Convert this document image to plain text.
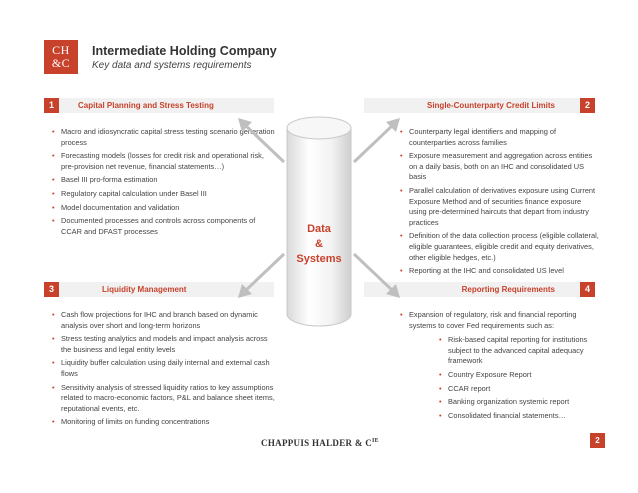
CH
&C
Intermediate Holding Company
Key data and systems requirements
1	Capital Planning and Stress Testing	Single-Counterparty Credit Limits	2
3	Liquidity Management	Reporting Requirements	4
• Macro and idiosyncratic capital stress testing scenario generation process
• Forecasting models (losses for credit risk and operational risk, pre-provision net revenue, financial statements…)
• Basel III pro-forma estimation
• Regulatory capital calculation under Basel III
• Model documentation and validation
• Documented processes and controls across components of CCAR and DFAST processes
• Counterparty legal identifiers and mapping of counterparties across families
• Exposure measurement and aggregation across entities on a daily basis, both on an IHC and consolidated US basis
• Parallel calculation of derivatives exposure using Current Exposure Method and of securities finance exposure using pre-determined haircuts that depart from industry practices
• Definition of the data collection process (eligible collateral, eligible guarantees, eligible credit and equity derivatives, other eligible hedges, etc.)
• Reporting at the IHC and consolidated US level
• Cash flow projections for IHC and branch based on dynamic analysis over short and long-term horizons
• Stress testing analytics and models and impact analysis across the business and legal entity levels
• Liquidity buffer calculation using daily internal and external cash flows
• Sensitivity analysis of stressed liquidity ratios to key assumptions related to macro-economic factors, P&L and balance sheet items, reputational events, etc.
• Monitoring of limits on funding concentrations
• Expansion of regulatory, risk and financial reporting systems to cover Fed requirements such as:
• Risk-based capital reporting for institutions subject to the advanced capital adequacy framework
• Country Exposure Report
• CCAR report
• Banking organization systemic report
• Consolidated financial statements…
Data
&
Systems
CHAPPUIS HALDER & $C^{IE}$	2
